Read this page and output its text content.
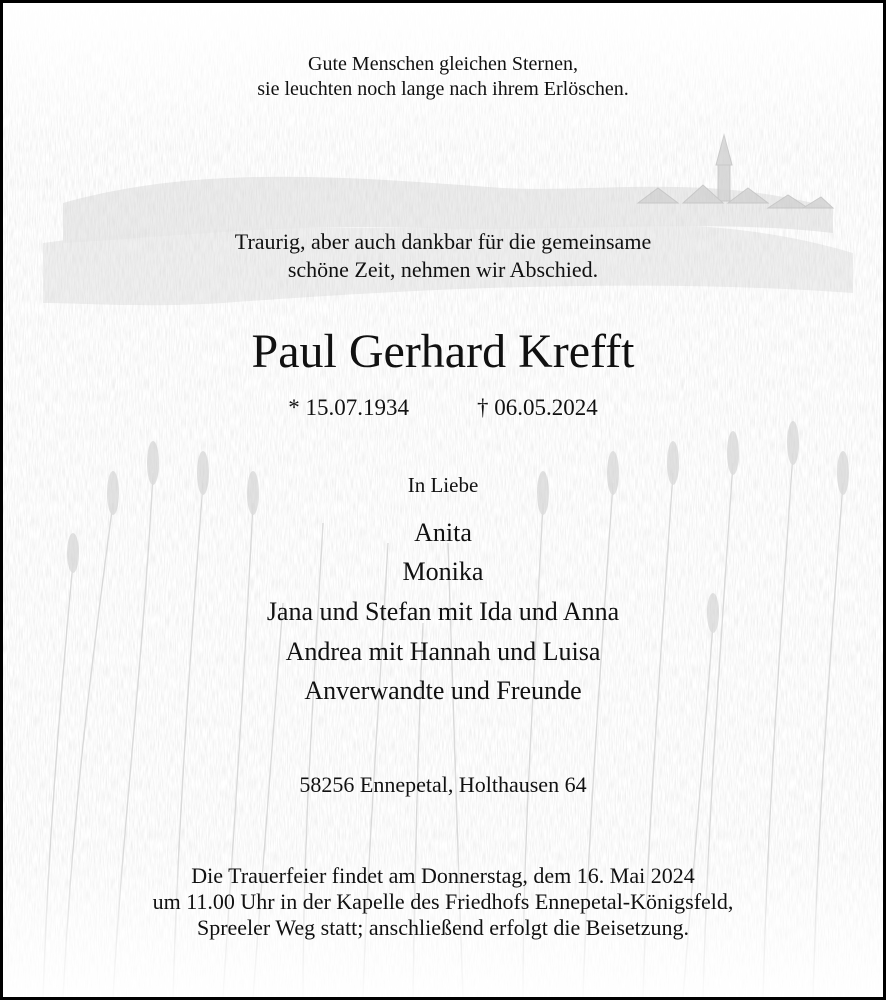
Gute Menschen gleichen Sternen,
sie leuchten noch lange nach ihrem Erlöschen.
Traurig, aber auch dankbar für die gemeinsame
schöne Zeit, nehmen wir Abschied.
Paul Gerhard Krefft
* 15.07.1934	† 06.05.2024
In Liebe
Anita
Monika
Jana und Stefan mit Ida und Anna
Andrea mit Hannah und Luisa
Anverwandte und Freunde
58256 Ennepetal, Holthausen 64
Die Trauerfeier findet am Donnerstag, dem 16. Mai 2024
um 11.00 Uhr in der Kapelle des Friedhofs Ennepetal-Königsfeld,
Spreeler Weg statt; anschließend erfolgt die Beisetzung.
